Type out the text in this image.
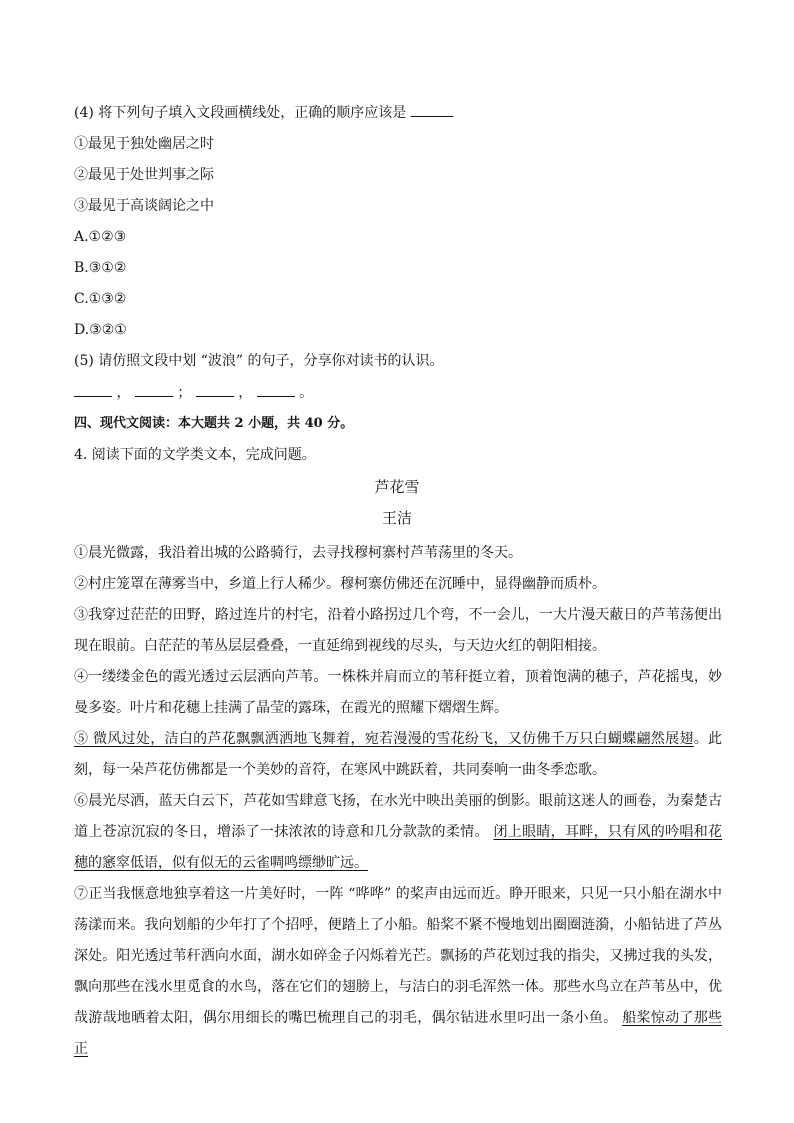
(4) 将下列句子填入文段画横线处，正确的顺序应该是
①最见于独处幽居之时
②最见于处世判事之际
③最见于高谈阔论之中
A.①②③
B.③①②
C.①③②
D.③②①
(5) 请仿照文段中划 “波浪” 的句子，分享你对读书的认识。
，	；	，	。
四、现代文阅读：本大题共 2 小题，共 40 分。
4. 阅读下面的文学类文本，完成问题。
芦花雪
王洁
①晨光微露，我沿着出城的公路骑行，去寻找穆柯寨村芦苇荡里的冬天。
②村庄笼罩在薄雾当中，乡道上行人稀少。穆柯寨仿佛还在沉睡中，显得幽静而质朴。
③我穿过茫茫的田野，路过连片的村宅，沿着小路拐过几个弯，不一会儿，一大片漫天蔽日的芦苇荡便出现在眼前。白茫茫的苇丛层层叠叠，一直延绵到视线的尽头，与天边火红的朝阳相接。
④一缕缕金色的霞光透过云层洒向芦苇。一株株并肩而立的苇秆挺立着，顶着饱满的穗子，芦花摇曳，妙曼多姿。叶片和花穗上挂满了晶莹的露珠，在霞光的照耀下熠熠生辉。
⑤ 微风过处，洁白的芦花飘飘洒洒地飞舞着，宛若漫漫的雪花纷飞，又仿佛千万只白蝴蝶翩然展翅。此刻，每一朵芦花仿佛都是一个美妙的音符，在寒风中跳跃着，共同奏响一曲冬季恋歌。
⑥晨光尽洒，蓝天白云下，芦花如雪肆意飞扬，在水光中映出美丽的倒影。眼前这迷人的画卷，为秦楚古道上苍凉沉寂的冬日，增添了一抹浓浓的诗意和几分款款的柔情。 闭上眼睛，耳畔，只有风的吟唱和花穗的窸窣低语，似有似无的云雀啁鸣缥缈旷远。
⑦正当我惬意地独享着这一片美好时，一阵 “哗哗” 的桨声由远而近。睁开眼来，只见一只小船在湖水中荡漾而来。我向划船的少年打了个招呼，便踏上了小船。船桨不紧不慢地划出圈圈涟漪，小船钻进了芦丛深处。阳光透过苇秆洒向水面，湖水如碎金子闪烁着光芒。飘扬的芦花划过我的指尖，又拂过我的头发，飘向那些在浅水里觅食的水鸟，落在它们的翅膀上，与洁白的羽毛浑然一体。那些水鸟立在芦苇丛中，优哉游哉地晒着太阳，偶尔用细长的嘴巴梳理自己的羽毛，偶尔钻进水里叼出一条小鱼。 船桨惊动了那些正
